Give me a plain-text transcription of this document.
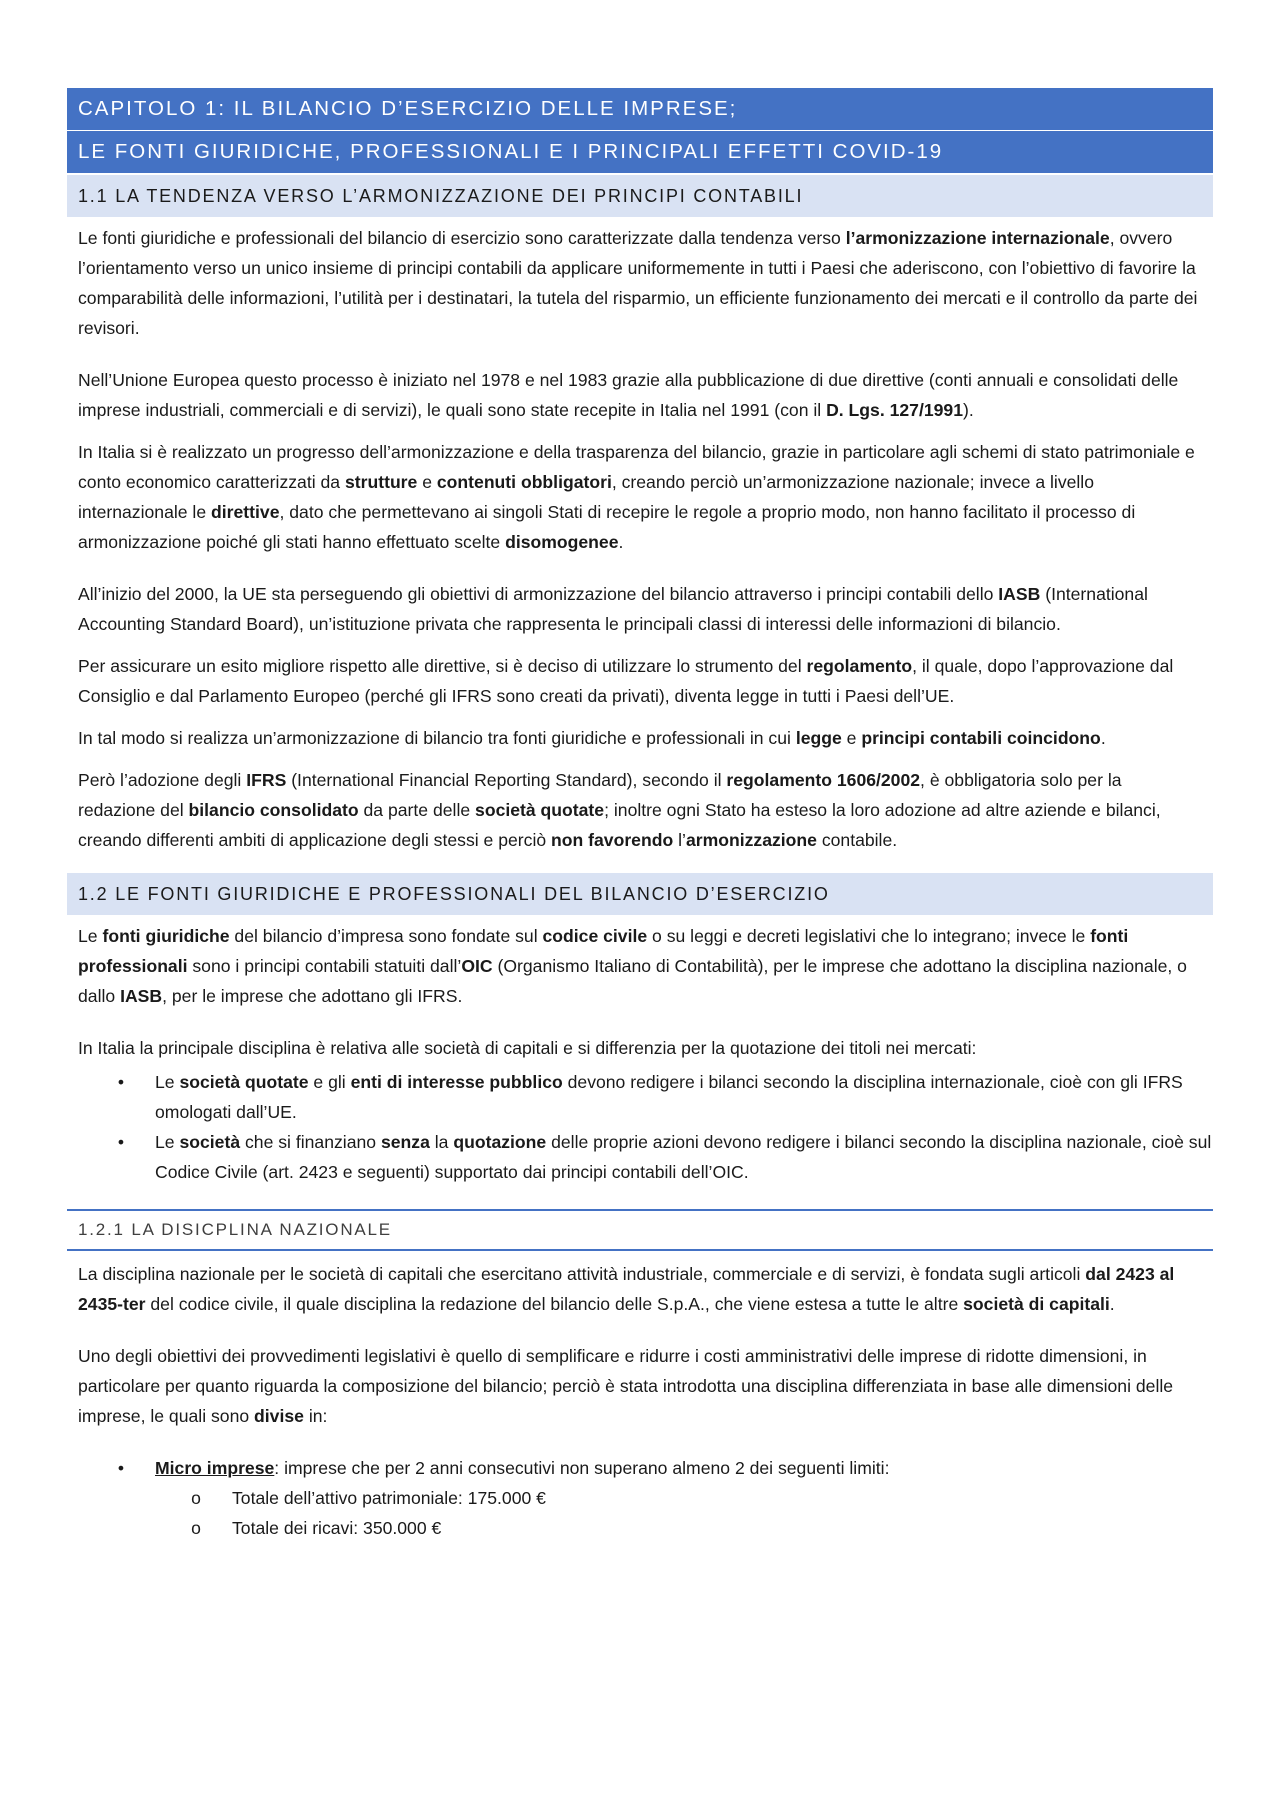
CAPITOLO 1: IL BILANCIO D’ESERCIZIO DELLE IMPRESE;
LE FONTI GIURIDICHE, PROFESSIONALI E I PRINCIPALI EFFETTI COVID-19
1.1 LA TENDENZA VERSO L’ARMONIZZAZIONE DEI PRINCIPI CONTABILI

Le fonti giuridiche e professionali del bilancio di esercizio sono caratterizzate dalla tendenza verso l’armonizzazione internazionale, ovvero l’orientamento verso un unico insieme di principi contabili da applicare uniformemente in tutti i Paesi che aderiscono, con l’obiettivo di favorire la comparabilità delle informazioni, l’utilità per i destinatari, la tutela del risparmio, un efficiente funzionamento dei mercati e il controllo da parte dei revisori.

Nell’Unione Europea questo processo è iniziato nel 1978 e nel 1983 grazie alla pubblicazione di due direttive (conti annuali e consolidati delle imprese industriali, commerciali e di servizi), le quali sono state recepite in Italia nel 1991 (con il D. Lgs. 127/1991).

In Italia si è realizzato un progresso dell’armonizzazione e della trasparenza del bilancio, grazie in particolare agli schemi di stato patrimoniale e conto economico caratterizzati da strutture e contenuti obbligatori, creando perciò un’armonizzazione nazionale; invece a livello internazionale le direttive, dato che permettevano ai singoli Stati di recepire le regole a proprio modo, non hanno facilitato il processo di armonizzazione poiché gli stati hanno effettuato scelte disomogenee.

All’inizio del 2000, la UE sta perseguendo gli obiettivi di armonizzazione del bilancio attraverso i principi contabili dello IASB (International Accounting Standard Board), un’istituzione privata che rappresenta le principali classi di interessi delle informazioni di bilancio.

Per assicurare un esito migliore rispetto alle direttive, si è deciso di utilizzare lo strumento del regolamento, il quale, dopo l’approvazione dal Consiglio e dal Parlamento Europeo (perché gli IFRS sono creati da privati), diventa legge in tutti i Paesi dell’UE.

In tal modo si realizza un’armonizzazione di bilancio tra fonti giuridiche e professionali in cui legge e principi contabili coincidono.

Però l’adozione degli IFRS (International Financial Reporting Standard), secondo il regolamento 1606/2002, è obbligatoria solo per la redazione del bilancio consolidato da parte delle società quotate; inoltre ogni Stato ha esteso la loro adozione ad altre aziende e bilanci, creando differenti ambiti di applicazione degli stessi e perciò non favorendo l’armonizzazione contabile.

1.2 LE FONTI GIURIDICHE E PROFESSIONALI DEL BILANCIO D’ESERCIZIO

Le fonti giuridiche del bilancio d’impresa sono fondate sul codice civile o su leggi e decreti legislativi che lo integrano; invece le fonti professionali sono i principi contabili statuiti dall’OIC (Organismo Italiano di Contabilità), per le imprese che adottano la disciplina nazionale, o dallo IASB, per le imprese che adottano gli IFRS.

In Italia la principale disciplina è relativa alle società di capitali e si differenzia per la quotazione dei titoli nei mercati:

•	Le società quotate e gli enti di interesse pubblico devono redigere i bilanci secondo la disciplina internazionale, cioè con gli IFRS omologati dall’UE.
•	Le società che si finanziano senza la quotazione delle proprie azioni devono redigere i bilanci secondo la disciplina nazionale, cioè sul Codice Civile (art. 2423 e seguenti) supportato dai principi contabili dell’OIC.
1.2.1 LA DISICPLINA NAZIONALE

La disciplina nazionale per le società di capitali che esercitano attività industriale, commerciale e di servizi, è fondata sugli articoli dal 2423 al 2435-ter del codice civile, il quale disciplina la redazione del bilancio delle S.p.A., che viene estesa a tutte le altre società di capitali.

Uno degli obiettivi dei provvedimenti legislativi è quello di semplificare e ridurre i costi amministrativi delle imprese di ridotte dimensioni, in particolare per quanto riguarda la composizione del bilancio; perciò è stata introdotta una disciplina differenziata in base alle dimensioni delle imprese, le quali sono divise in:

•	Micro imprese: imprese che per 2 anni consecutivi non superano almeno 2 dei seguenti limiti:
o Totale dell’attivo patrimoniale: 175.000 €
o Totale dei ricavi: 350.000 €
